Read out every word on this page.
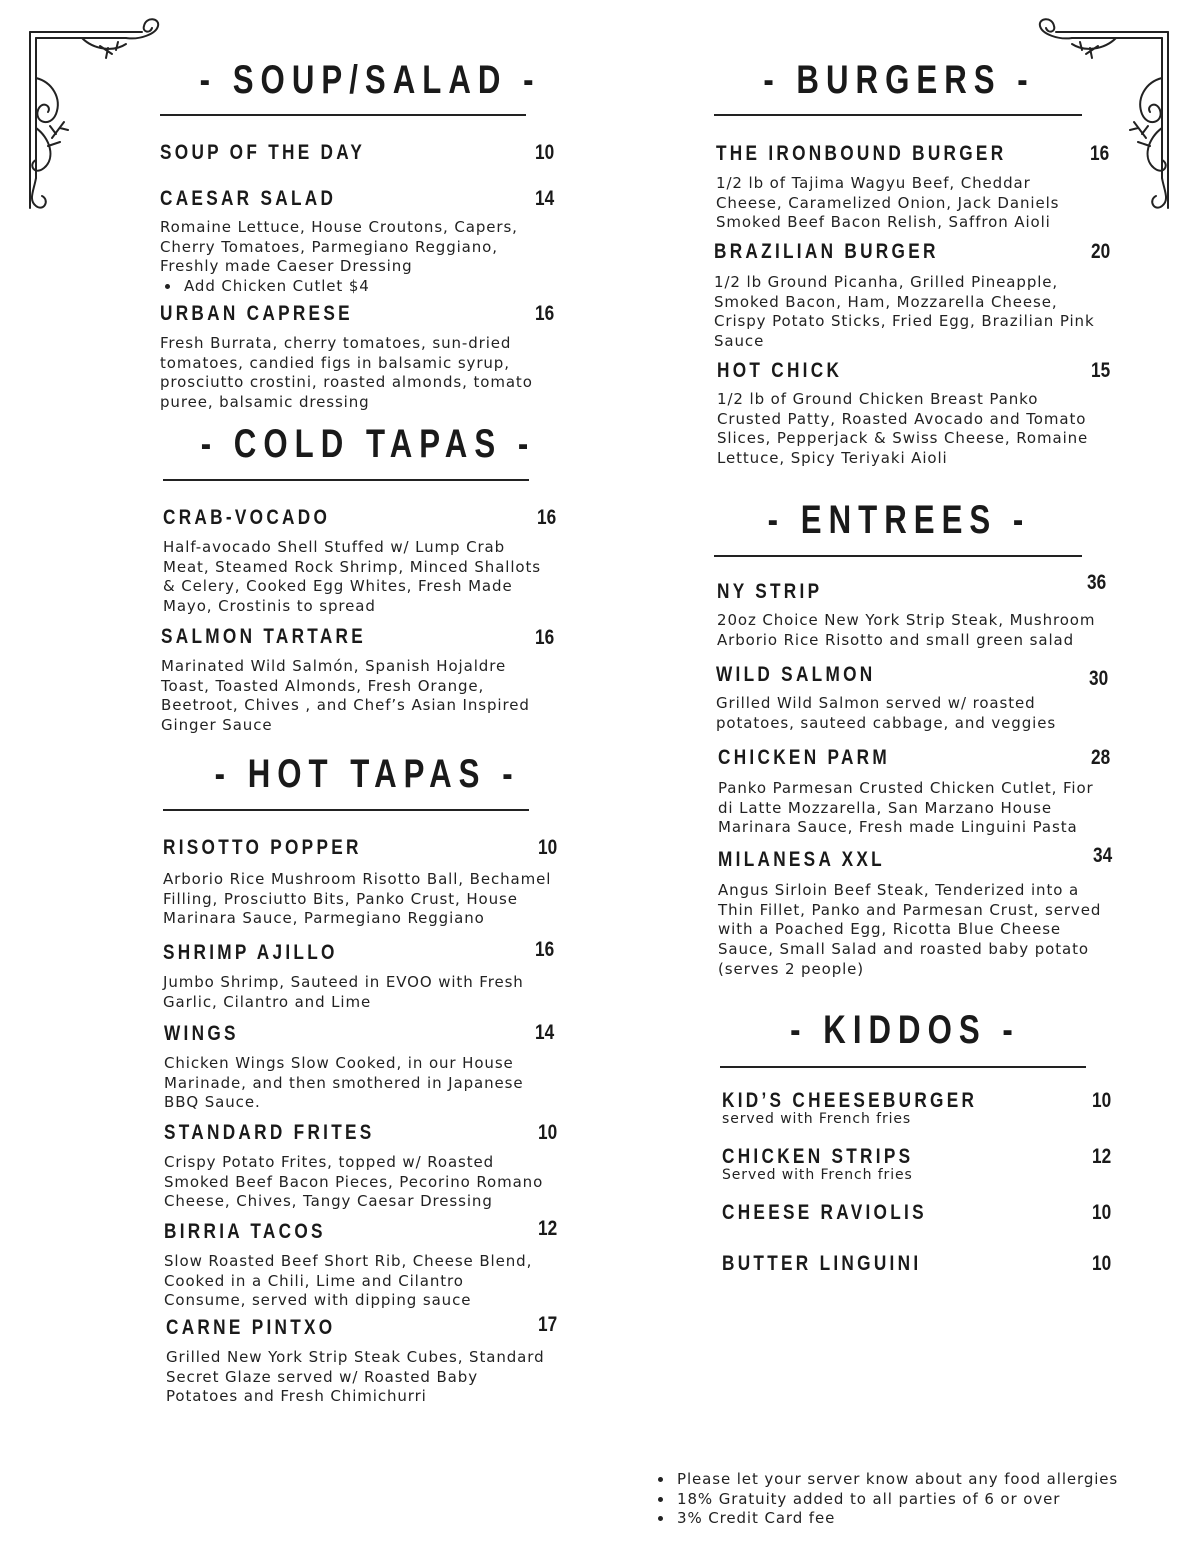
- SOUP/SALAD -
SOUP OF THE DAY	10
CAESAR SALAD	14
Romaine Lettuce, House Croutons, Capers,
Cherry Tomatoes, Parmegiano Reggiano,
Freshly made Caeser Dressing
Add Chicken Cutlet $4
URBAN CAPRESE	16
Fresh Burrata, cherry tomatoes, sun-dried
tomatoes, candied figs in balsamic syrup,
prosciutto crostini, roasted almonds, tomato
puree, balsamic dressing
- COLD TAPAS -
CRAB-VOCADO	16
Half-avocado Shell Stuffed w/ Lump Crab
Meat, Steamed Rock Shrimp, Minced Shallots
& Celery, Cooked Egg Whites, Fresh Made
Mayo, Crostinis to spread
SALMON TARTARE	16
Marinated Wild Salmón, Spanish Hojaldre
Toast, Toasted Almonds, Fresh Orange,
Beetroot, Chives , and Chef’s Asian Inspired
Ginger Sauce
- HOT TAPAS -
RISOTTO POPPER	10
Arborio Rice Mushroom Risotto Ball, Bechamel
Filling, Prosciutto Bits, Panko Crust, House
Marinara Sauce, Parmegiano Reggiano
SHRIMP AJILLO	16
Jumbo Shrimp, Sauteed in EVOO with Fresh
Garlic, Cilantro and Lime
WINGS	14
Chicken Wings Slow Cooked, in our House
Marinade, and then smothered in Japanese
BBQ Sauce.
STANDARD FRITES	10
Crispy Potato Frites, topped w/ Roasted
Smoked Beef Bacon Pieces, Pecorino Romano
Cheese, Chives, Tangy Caesar Dressing
BIRRIA TACOS	12
Slow Roasted Beef Short Rib, Cheese Blend,
Cooked in a Chili, Lime and Cilantro
Consume, served with dipping sauce
CARNE PINTXO	17
Grilled New York Strip Steak Cubes, Standard
Secret Glaze served w/ Roasted Baby
Potatoes and Fresh Chimichurri
- BURGERS -
THE IRONBOUND BURGER	16
1/2 lb of Tajima Wagyu Beef, Cheddar
Cheese, Caramelized Onion, Jack Daniels
Smoked Beef Bacon Relish, Saffron Aioli
BRAZILIAN BURGER	20
1/2 lb Ground Picanha, Grilled Pineapple,
Smoked Bacon, Ham, Mozzarella Cheese,
Crispy Potato Sticks, Fried Egg, Brazilian Pink
Sauce
HOT CHICK	15
1/2 lb of Ground Chicken Breast Panko
Crusted Patty, Roasted Avocado and Tomato
Slices, Pepperjack & Swiss Cheese, Romaine
Lettuce, Spicy Teriyaki Aioli
- ENTREES -
NY STRIP	36
20oz Choice New York Strip Steak, Mushroom
Arborio Rice Risotto and small green salad
WILD SALMON	30
Grilled Wild Salmon served w/ roasted
potatoes, sauteed cabbage, and veggies
CHICKEN PARM	28
Panko Parmesan Crusted Chicken Cutlet, Fior
di Latte Mozzarella, San Marzano House
Marinara Sauce, Fresh made Linguini Pasta
MILANESA XXL	34
Angus Sirloin Beef Steak, Tenderized into a
Thin Fillet, Panko and Parmesan Crust, served
with a Poached Egg, Ricotta Blue Cheese
Sauce, Small Salad and roasted baby potato
(serves 2 people)
- KIDDOS -
KID’S CHEESEBURGER	10
served with French fries
CHICKEN STRIPS	12
Served with French fries
CHEESE RAVIOLIS	10
BUTTER LINGUINI	10
Please let your server know about any food allergies
18% Gratuity added to all parties of 6 or over
3% Credit Card fee
